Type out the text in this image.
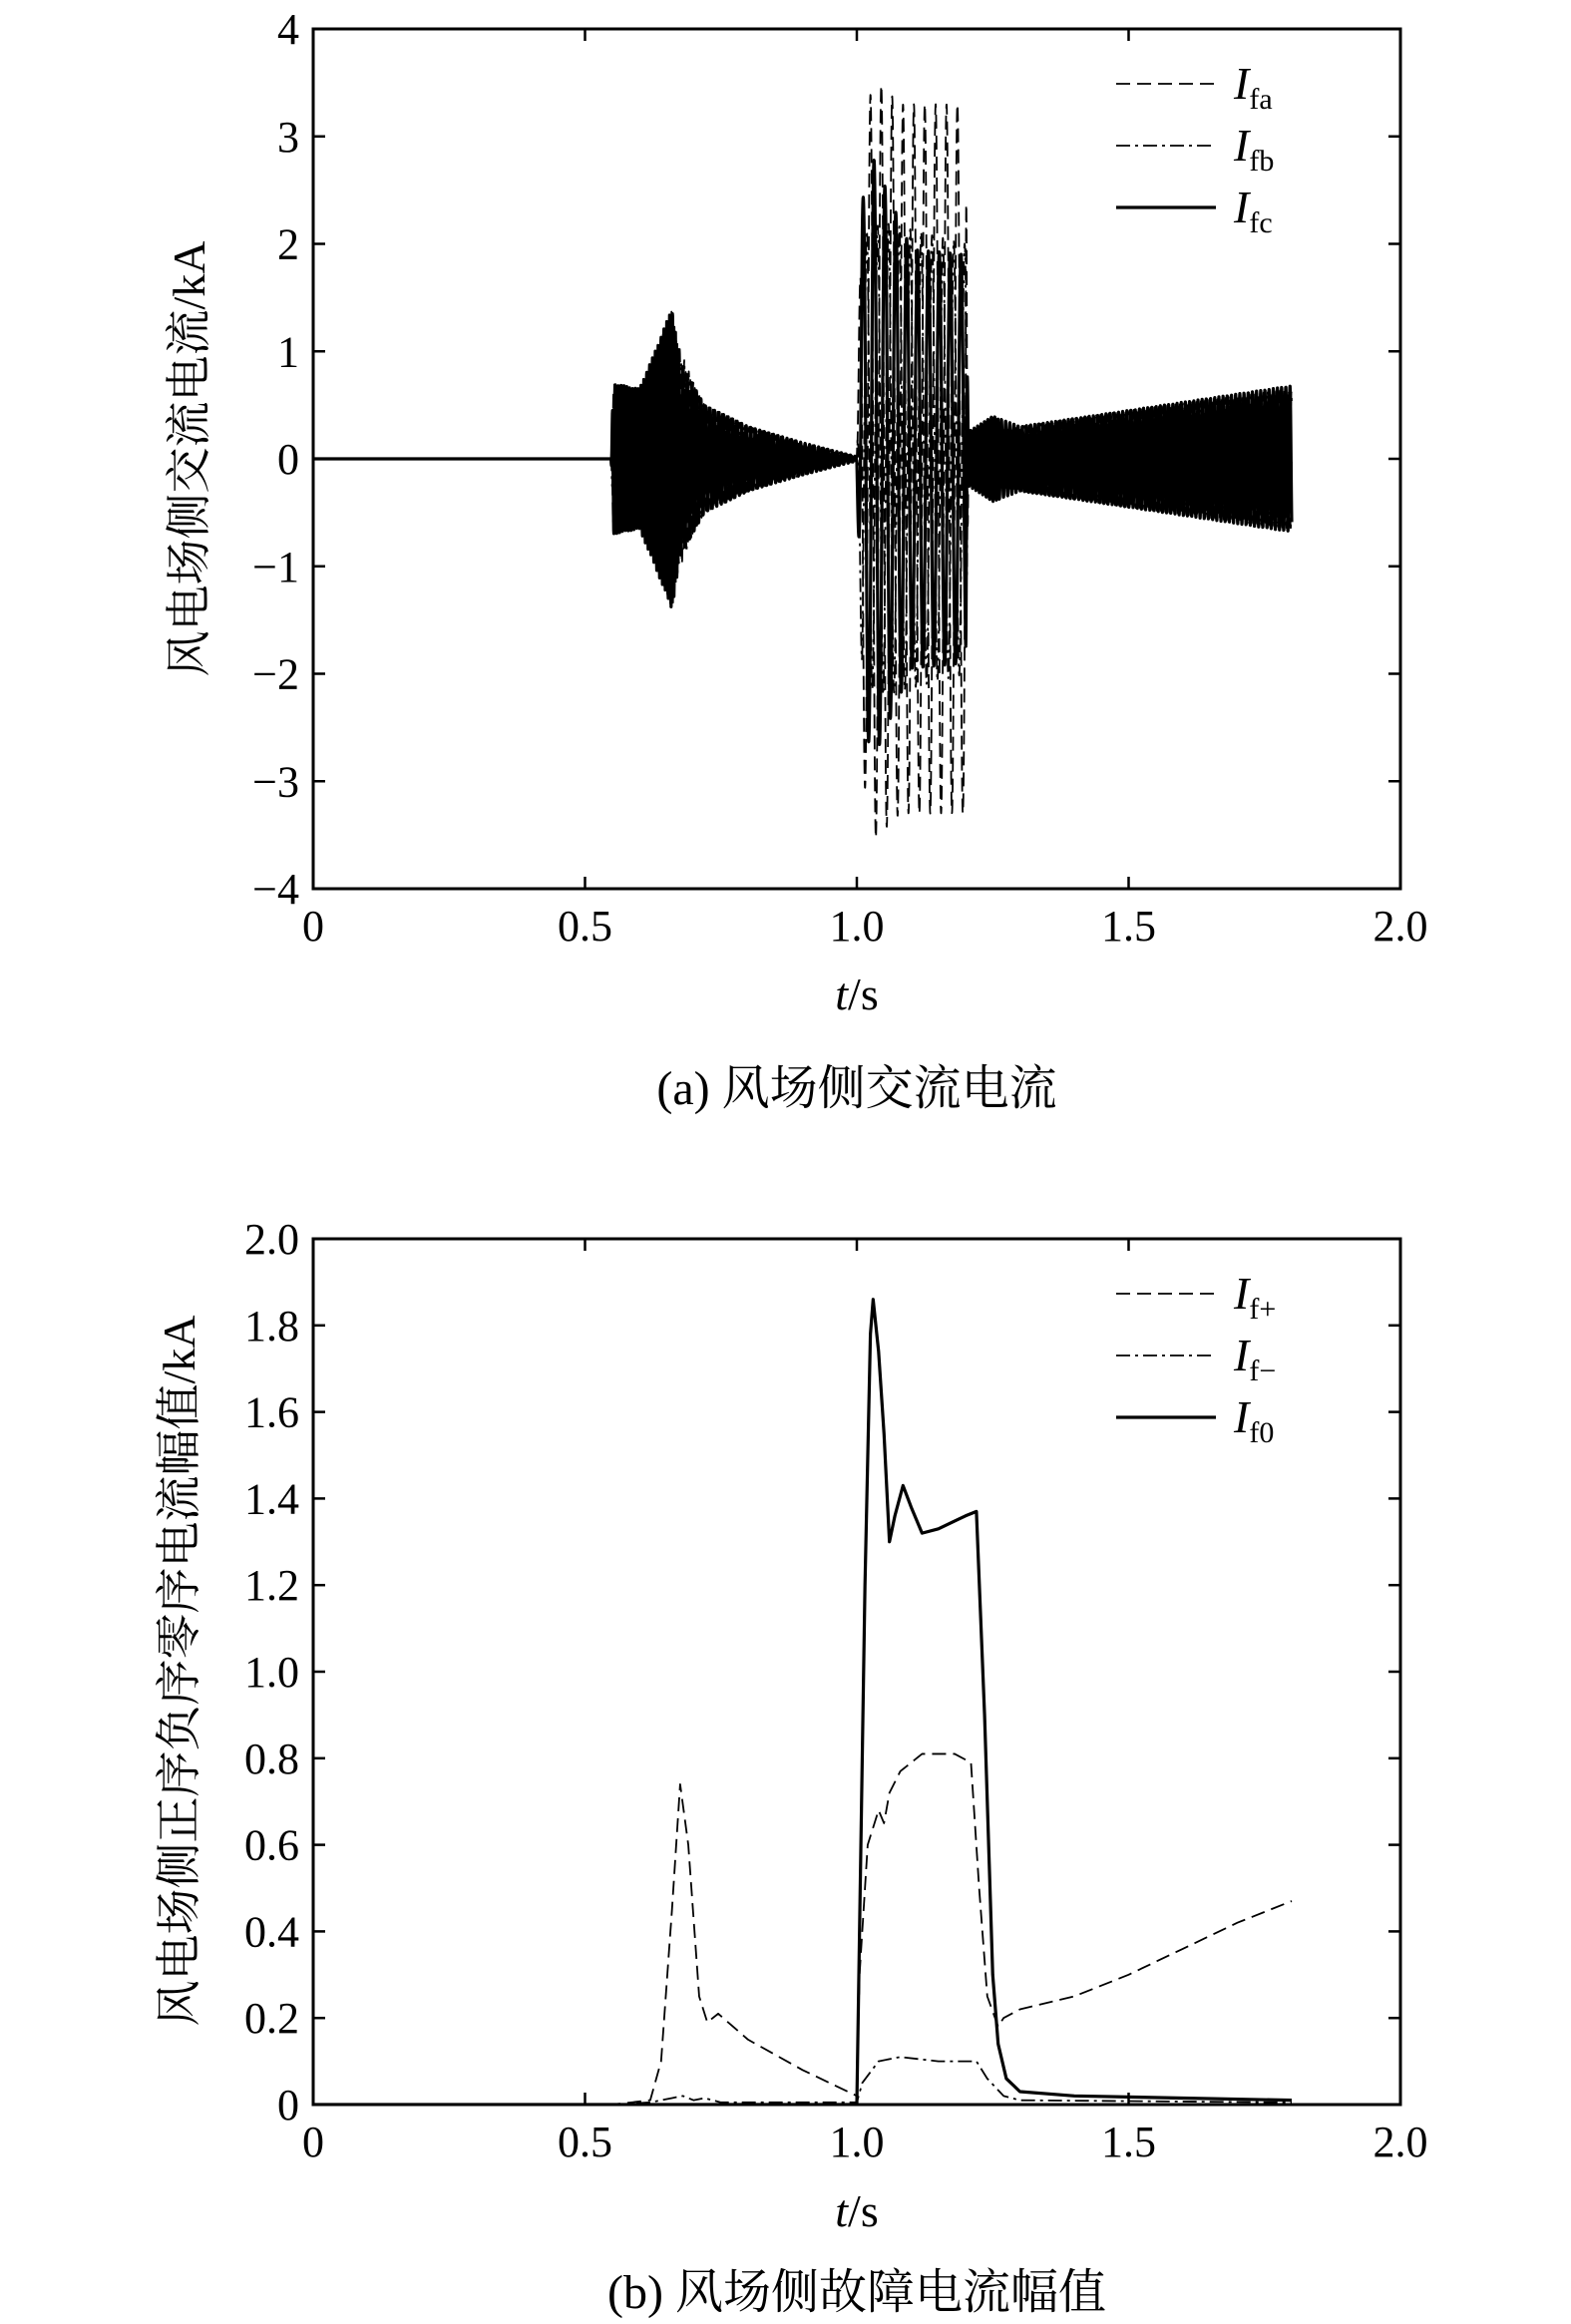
0	0.5	1.0	1.5	2.0
−4
−3
−2
−1
0
1
2
3
4
风电场侧交流电流/kA
t/s
(a) 风场侧交流电流
$I_{fa}$
$I_{fb}$
$I_{fc}$
0	0.5	1.0	1.5	2.0
0
0.2
0.4
0.6
0.8
1.0
1.2
1.4
1.6
1.8
2.0
风电场侧正序负序零序电流幅值/kA
t/s
(b) 风场侧故障电流幅值
$I_{f+}$
$I_{f-}$
$I_{f0}$
